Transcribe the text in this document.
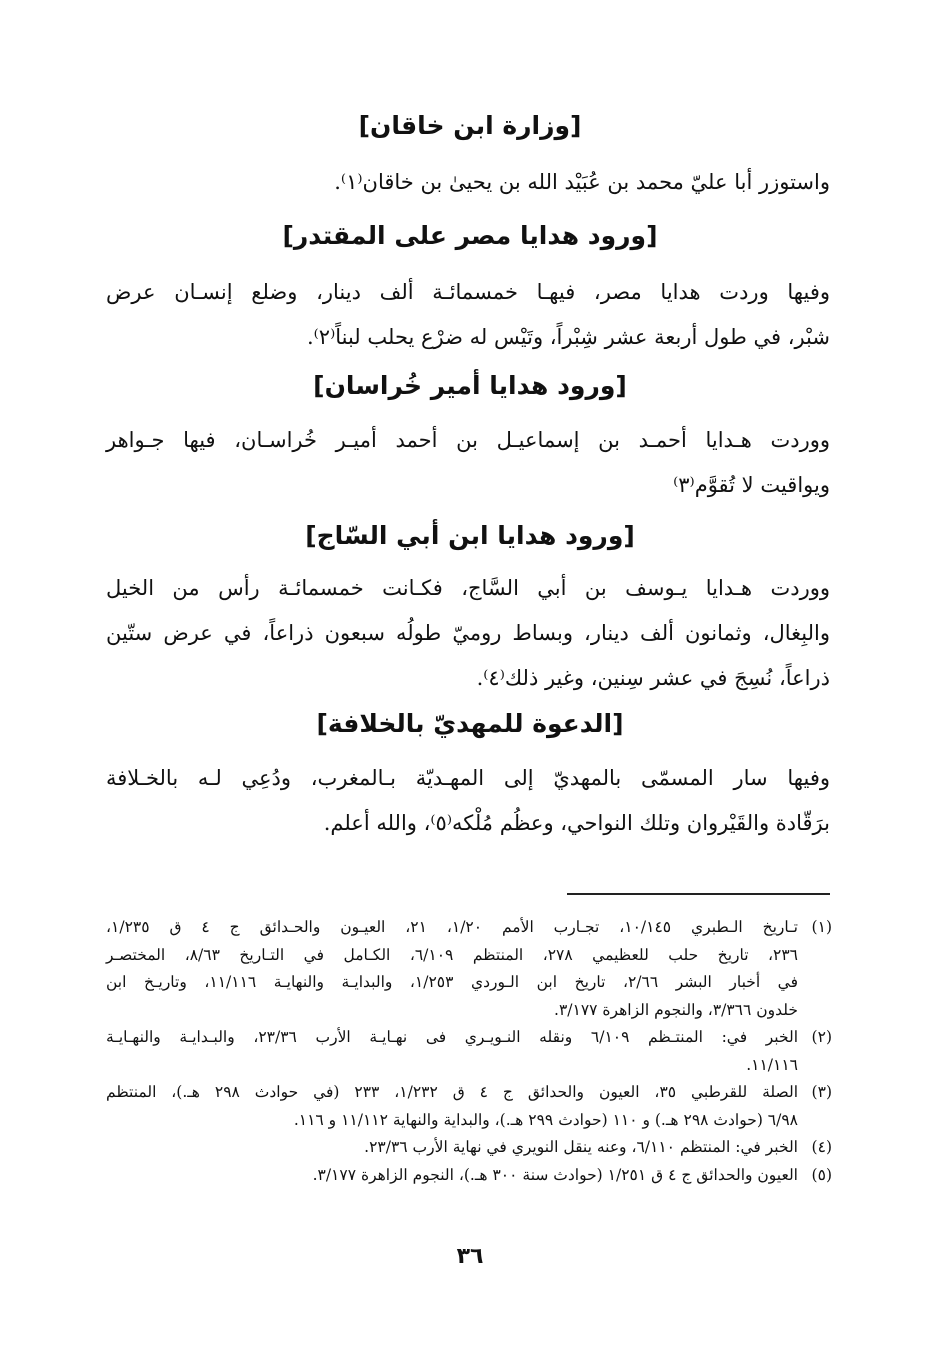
[وزارة ابن خاقان]
واستوزر أبا عليّ محمد بن عُبَيْد الله بن يحيىٰ بن خاقان⁽١⁾.
[ورود هدايا مصر على المقتدر]
وفيها وردت هدايا مصر، فيهـا خمسمائـة ألف دينار، وضلع إنسـان عرض
شبْر، في طول أربعة عشر شِبْراً، وتَيْس له ضرْع يحلب لبناً⁽٢⁾.
[ورود هدايا أمير خُراسان]
ووردت هـدايا أحمـد بن إسماعيـل بن أحمد أميـر خُراسـان، فيها جـواهر
ويواقيت لا تُقوَّم⁽٣⁾
[ورود هدايا ابن أبي السّاج]
ووردت هـدايا يـوسف بن أبي السَّاج، فكـانت خمسمائـة رأس من الخيل
والبِغال، وثمانون ألف دينار، وبساط روميّ طولُه سبعون ذراعاً، في عرض ستّين
ذراعاً، نُسِجَ في عشر سِنين، وغير ذلك⁽٤⁾.
[الدعوة للمهديّ بالخلافة]
وفيها سار المسمّى بالمهديّ إلى المهـديّة بـالمغرب، ودُعِي لـه بالخـلافة
برَقّادة والقَيْروان وتلك النواحي، وعظُم مُلْكه⁽٥⁾، والله أعلم.
(١)
تـاريخ الـطبري ١٠/١٤٥، تجـارب الأمم ١/٢٠، ٢١، العيـون والحـدائق ج ٤ ق ١/٢٣٥،
٢٣٦، تاريخ حلب للعظيمي ٢٧٨، المنتظم ٦/١٠٩، الكـامل في التـاريخ ٨/٦٣، المختصـر
في أخبار البشر ٢/٦٦، تاريخ ابن الـوردي ١/٢٥٣، والبدايـة والنهايـة ١١/١١٦، وتاريـخ ابن
خلدون ٣/٣٦٦، والنجوم الزاهرة ٣/١٧٧.
(٢)
الخبر في: المنتـظم ٦/١٠٩ ونقله النـويـري فى نهـايـة الأرب ٢٣/٣٦، والبـدايـة والنهـايـة
١١/١١٦.
(٣)
الصلة للقرطبي ٣٥، العيون والحدائق ج ٤ ق ١/٢٣٢، ٢٣٣ (في حوادث ٢٩٨ هـ.)، المنتظم
٦/٩٨ (حوادث ٢٩٨ هـ.) و ١١٠ (حوادث ٢٩٩ هـ.)، والبداية والنهاية ١١/١١٢ و ١١٦.
(٤)
الخبر في: المنتظم ٦/١١٠، وعنه ينقل النويري في نهاية الأرب ٢٣/٣٦.
(٥)
العيون والحدائق ج ٤ ق ١/٢٥١ (حوادث سنة ٣٠٠ هـ.)، النجوم الزاهرة ٣/١٧٧.
٣٦
